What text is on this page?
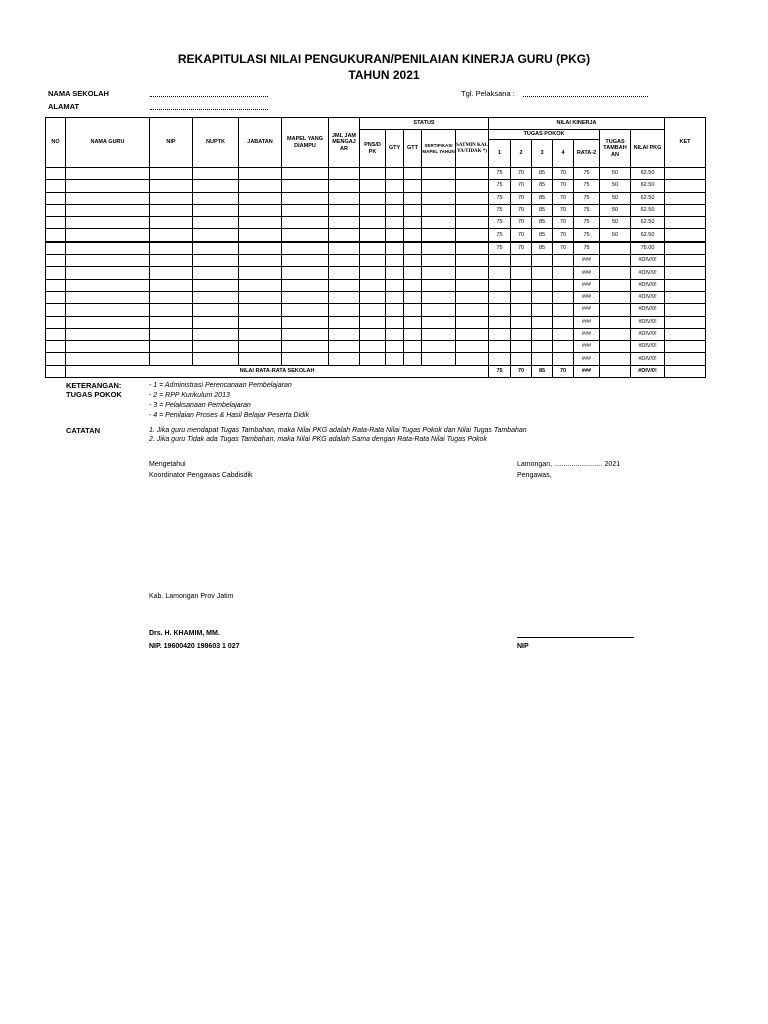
REKAPITULASI NILAI PENGUKURAN/PENILAIAN KINERJA GURU (PKG)
TAHUN 2021
NAMA SEKOLAH
ALAMAT
Tgl. Pelaksana :
NO	NAMA GURU	NIP	NUPTK	JABATAN	MAPEL YANG DIAMPU	JML JAM MENGAJ AR	STATUS					NILAI KINERJA							KET
							PNS/D PK	GTY	GTT	SERTIFIKASI MAPEL TAHUN	SATMIN KAL YA/TIDAK *)	TUGAS POKOK					TUGAS TAMBAH AN	NILAI PKG	
												1	2	3	4	RATA-2			
												75	70	85	70	75	50	62.50	
												75	70	85	70	75	50	62.50	
												75	70	85	70	75	50	62.50	
												75	70	85	70	75	50	62.50	
												75	70	85	70	75	50	62.50	
												75	70	85	70	75	50	62.50	
												75	70	85	70	75		75.00	
																###		#DIV/0!	
																###		#DIV/0!	
																###		#DIV/0!	
																###		#DIV/0!	
																###		#DIV/0!	
																###		#DIV/0!	
																###		#DIV/0!	
																###		#DIV/0!	
																###		#DIV/0!	
	NILAI RATA-RATA SEKOLAH											75	70	85	70	###		#DIV/0!	
KETERANGAN:
TUGAS POKOK
- 1 = Administrasi Perencanaan Pembelajaran
- 2 = RPP Kurikulum 2013
- 3 = Pelaksanaan Pembelajaran
- 4 = Penilaian Proses & Hasil Belajar Peserta Didik
CATATAN	1. Jika guru mendapat Tugas Tambahan, maka Nilai PKG adalah Rata-Rata Nilai Tugas Pokok dan Nilai Tugas Tambahan
2. Jika guru Tidak ada Tugas Tambahan, maka Nilai PKG adalah Sama dengan Rata-Rata Nilai Tugas Pokok
Mengetahui
Koordinator Pengawas Cabdisdik
Kab. Lamongan Prov Jatim
Drs. H. KHAMIM, MM.
NIP. 19600420 198603 1 027
Lamongan, ......................... 2021
Pengawas,
NIP
